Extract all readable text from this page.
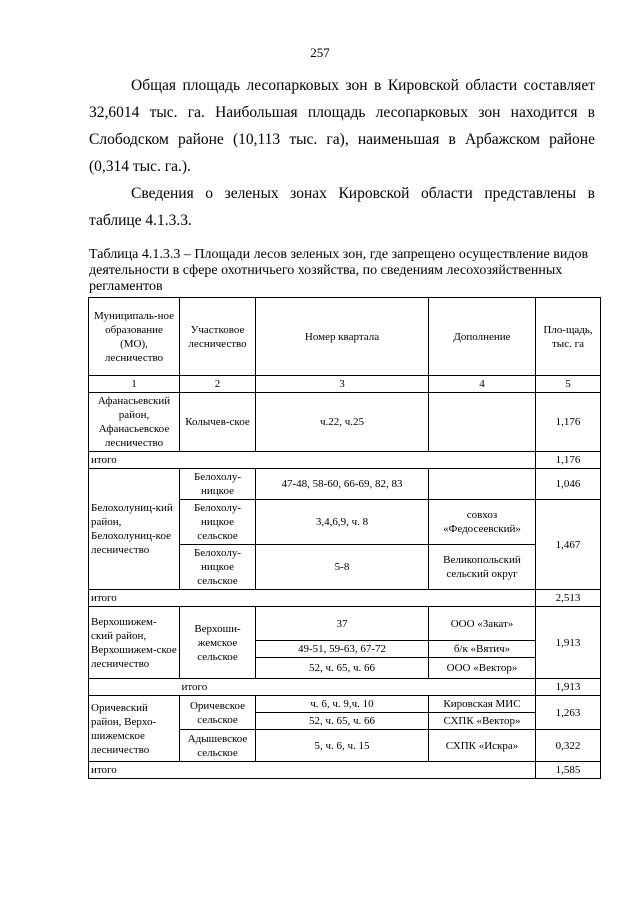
257

Общая площадь лесопарковых зон в Кировской области составляет 32,6014 тыс. га. Наибольшая площадь лесопарковых зон находится в Слободском районе (10,113 тыс. га), наименьшая в Арбажском районе (0,314 тыс. га.).

Сведения о зеленых зонах Кировской области представлены в таблице 4.1.3.3.

Таблица 4.1.3.3 – Площади лесов зеленых зон, где запрещено осуществление видов деятельности в сфере охотничьего хозяйства, по сведениям лесохозяйственных регламентов
Муниципаль-ное образование (МО), лесничество	Участковое лесничество	Номер квартала	Дополнение	Пло-щадь, тыс. га
1	2	3	4	5
Афанасьевский район, Афанасьевское лесничество	Колычев-ское	ч.22, ч.25		1,176
итого				1,176
Белохолуниц-кий район, Белохолуниц-кое лесничество	Белохолу-ницкое	47-48, 58-60, 66-69, 82, 83		1,046
	Белохолу-ницкое сельское	3,4,6,9, ч. 8	совхоз «Федосеевский»	1,467
	Белохолу-ницкое сельское	5-8	Великопольский сельский округ	
итого				2,513
Верхошижем-ский район, Верхошижем-ское лесничество	Верхоши-жемское сельское	37	ООО «Закат»	1,913
		49-51, 59-63, 67-72	б/к «Вятич»	
		52, ч. 65, ч. 66	ООО «Вектор»	
	итого			1,913
Оричевский район, Верхо-шижемское лесничество	Оричевское сельское	ч. 6, ч. 9,ч. 10	Кировская МИС	1,263
		52, ч. 65, ч. 66	СХПК «Вектор»	
	Адышевское сельское	5, ч. 6, ч. 15	СХПК «Искра»	0,322
итого				1,585
